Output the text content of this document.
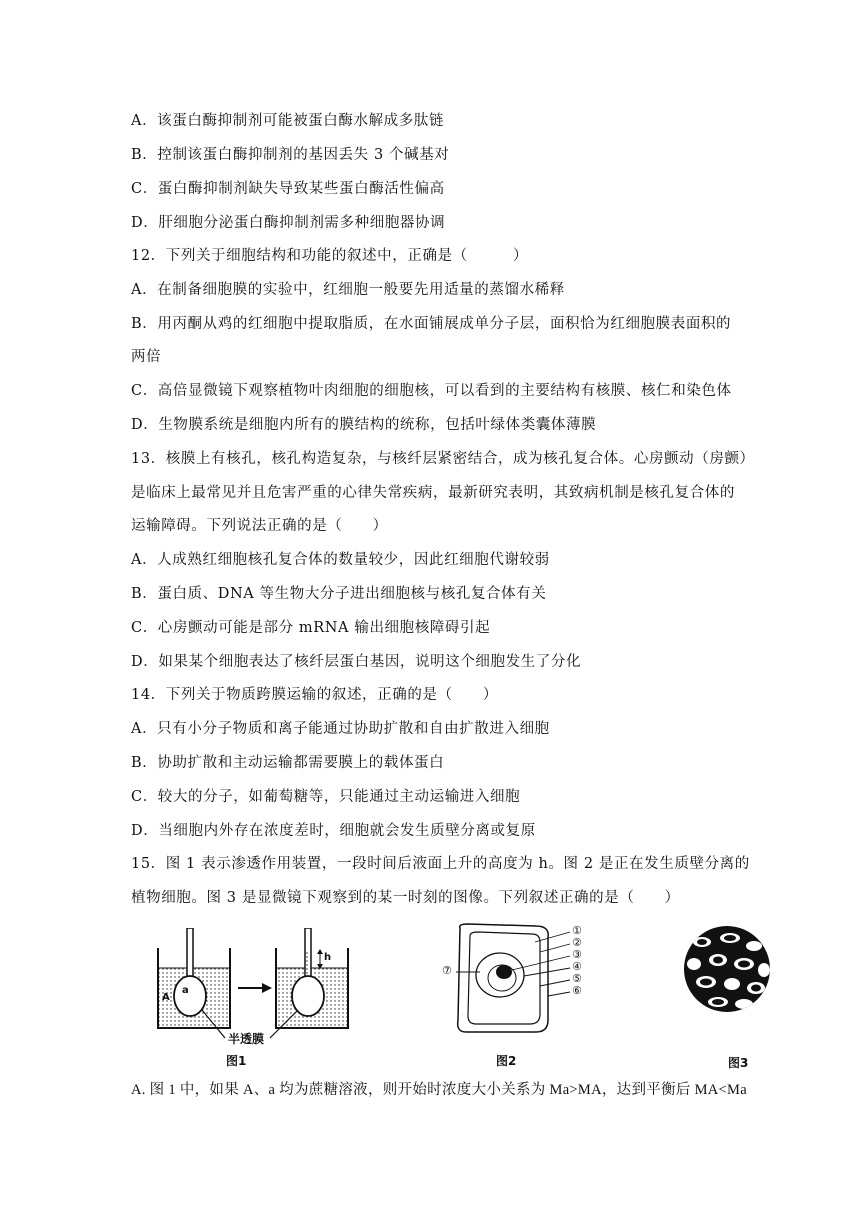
A．该蛋白酶抑制剂可能被蛋白酶水解成多肽链
B．控制该蛋白酶抑制剂的基因丢失 3 个碱基对
C．蛋白酶抑制剂缺失导致某些蛋白酶活性偏高
D．肝细胞分泌蛋白酶抑制剂需多种细胞器协调
12．下列关于细胞结构和功能的叙述中，正确是（　　　）
A．在制备细胞膜的实验中，红细胞一般要先用适量的蒸馏水稀释
B．用丙酮从鸡的红细胞中提取脂质，在水面铺展成单分子层，面积恰为红细胞膜表面积的
两倍
C．高倍显微镜下观察植物叶肉细胞的细胞核，可以看到的主要结构有核膜、核仁和染色体
D．生物膜系统是细胞内所有的膜结构的统称，包括叶绿体类囊体薄膜
13．核膜上有核孔，核孔构造复杂，与核纤层紧密结合，成为核孔复合体。心房颤动（房颤）
是临床上最常见并且危害严重的心律失常疾病，最新研究表明，其致病机制是核孔复合体的
运输障碍。下列说法正确的是（　　）
A．人成熟红细胞核孔复合体的数量较少，因此红细胞代谢较弱
B．蛋白质、DNA 等生物大分子进出细胞核与核孔复合体有关
C．心房颤动可能是部分 mRNA 输出细胞核障碍引起
D．如果某个细胞表达了核纤层蛋白基因，说明这个细胞发生了分化
14．下列关于物质跨膜运输的叙述，正确的是（　　）
A．只有小分子物质和离子能通过协助扩散和自由扩散进入细胞
B．协助扩散和主动运输都需要膜上的载体蛋白
C．较大的分子，如葡萄糖等，只能通过主动运输进入细胞
D．当细胞内外存在浓度差时，细胞就会发生质壁分离或复原
15．图 1 表示渗透作用装置，一段时间后液面上升的高度为 h。图 2 是正在发生质壁分离的
植物细胞。图 3 是显微镜下观察到的某一时刻的图像。下列叙述正确的是（　　）
A. 图 1 中，如果 A、a 均为蔗糖溶液，则开始时浓度大小关系为 Ma>MA，达到平衡后 MA<Ma
a
A
h
半透膜
图1
①
②
③
④
⑤
⑥
⑦
图2	图3
